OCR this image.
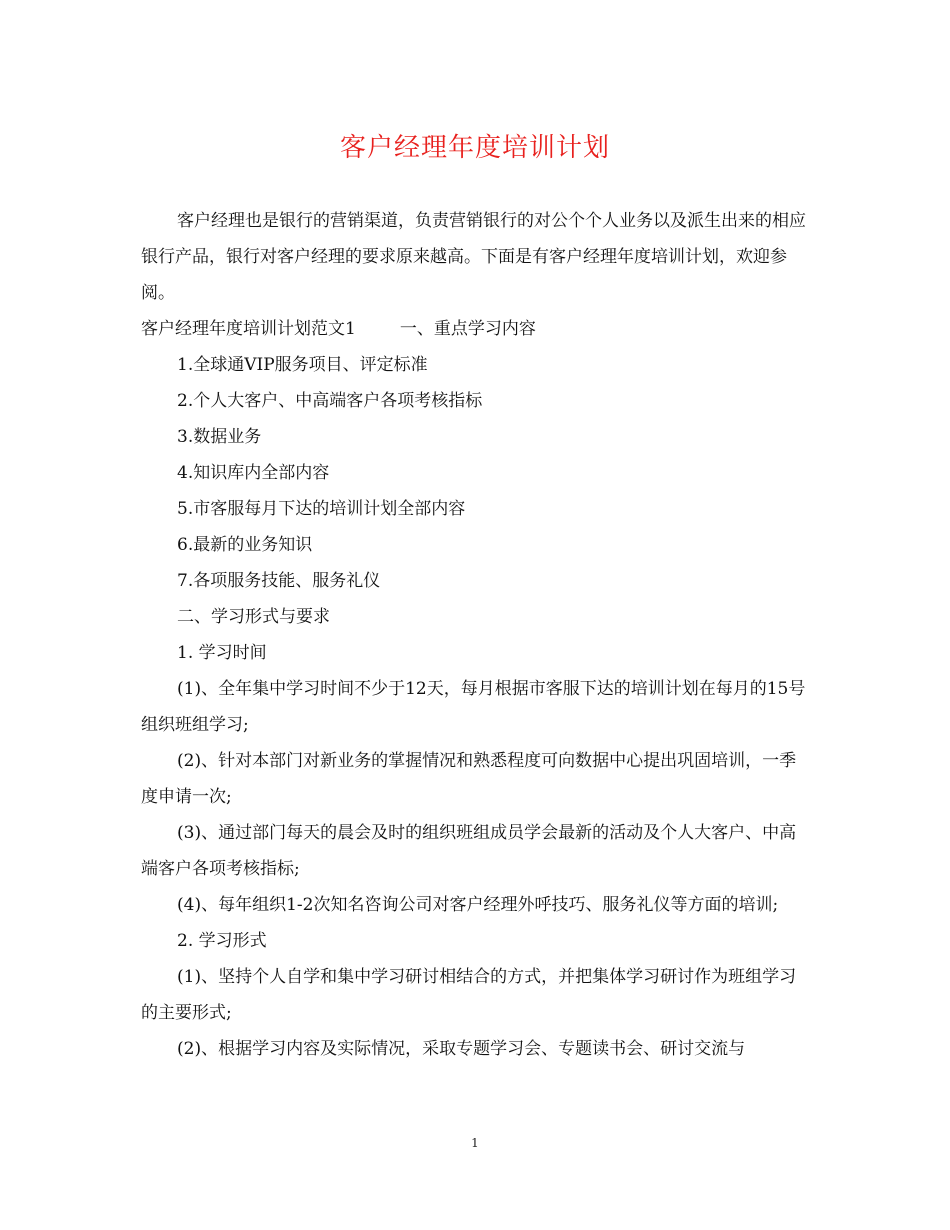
客户经理年度培训计划

客户经理也是银行的营销渠道，负责营销银行的对公个个人业务以及派生出来的相应银行产品，银行对客户经理的要求原来越高。下面是有客户经理年度培训计划，欢迎参阅。

客户经理年度培训计划范文1	一、重点学习内容

1.全球通VIP服务项目、评定标准

2.个人大客户、中高端客户各项考核指标

3.数据业务

4.知识库内全部内容

5.市客服每月下达的培训计划全部内容

6.最新的业务知识

7.各项服务技能、服务礼仪

二、学习形式与要求

1. 学习时间

(1)、全年集中学习时间不少于12天，每月根据市客服下达的培训计划在每月的15号组织班组学习;

(2)、针对本部门对新业务的掌握情况和熟悉程度可向数据中心提出巩固培训，一季度申请一次;

(3)、通过部门每天的晨会及时的组织班组成员学会最新的活动及个人大客户、中高端客户各项考核指标;

(4)、每年组织1-2次知名咨询公司对客户经理外呼技巧、服务礼仪等方面的培训;

2. 学习形式

(1)、坚持个人自学和集中学习研讨相结合的方式，并把集体学习研讨作为班组学习的主要形式;

(2)、根据学习内容及实际情况，采取专题学习会、专题读书会、研讨交流与

1
